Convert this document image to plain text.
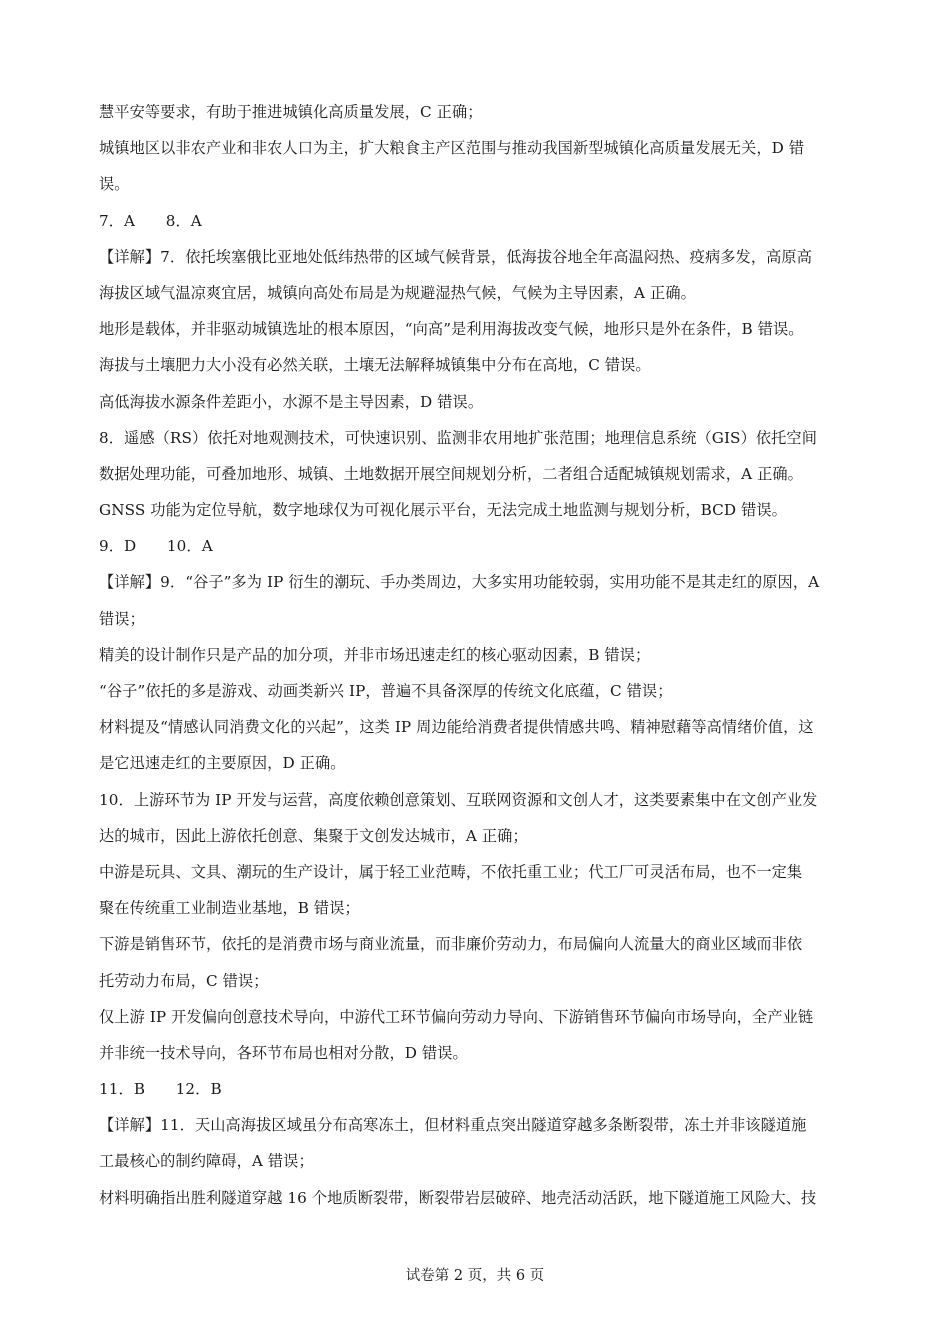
慧平安等要求，有助于推进城镇化高质量发展，C 正确；
城镇地区以非农产业和非农人口为主，扩大粮食主产区范围与推动我国新型城镇化高质量发展无关，D 错
误。
7．A　　8．A
【详解】7．依托埃塞俄比亚地处低纬热带的区域气候背景，低海拔谷地全年高温闷热、疫病多发，高原高
海拔区域气温凉爽宜居，城镇向高处布局是为规避湿热气候，气候为主导因素，A 正确。
地形是载体，并非驱动城镇选址的根本原因，“向高”是利用海拔改变气候，地形只是外在条件，B 错误。
海拔与土壤肥力大小没有必然关联，土壤无法解释城镇集中分布在高地，C 错误。
高低海拔水源条件差距小，水源不是主导因素，D 错误。
8．遥感（RS）依托对地观测技术，可快速识别、监测非农用地扩张范围；地理信息系统（GIS）依托空间
数据处理功能，可叠加地形、城镇、土地数据开展空间规划分析，二者组合适配城镇规划需求，A 正确。
GNSS 功能为定位导航，数字地球仅为可视化展示平台，无法完成土地监测与规划分析，BCD 错误。
9．D　　10．A
【详解】9．“谷子”多为 IP 衍生的潮玩、手办类周边，大多实用功能较弱，实用功能不是其走红的原因，A
错误；
精美的设计制作只是产品的加分项，并非市场迅速走红的核心驱动因素，B 错误；
“谷子”依托的多是游戏、动画类新兴 IP，普遍不具备深厚的传统文化底蕴，C 错误；
材料提及“情感认同消费文化的兴起”，这类 IP 周边能给消费者提供情感共鸣、精神慰藉等高情绪价值，这
是它迅速走红的主要原因，D 正确。
10．上游环节为 IP 开发与运营，高度依赖创意策划、互联网资源和文创人才，这类要素集中在文创产业发
达的城市，因此上游依托创意、集聚于文创发达城市，A 正确；
中游是玩具、文具、潮玩的生产设计，属于轻工业范畴，不依托重工业；代工厂可灵活布局，也不一定集
聚在传统重工业制造业基地，B 错误；
下游是销售环节，依托的是消费市场与商业流量，而非廉价劳动力，布局偏向人流量大的商业区域而非依
托劳动力布局，C 错误；
仅上游 IP 开发偏向创意技术导向，中游代工环节偏向劳动力导向、下游销售环节偏向市场导向，全产业链
并非统一技术导向，各环节布局也相对分散，D 错误。
11．B　　12．B
【详解】11．天山高海拔区域虽分布高寒冻土，但材料重点突出隧道穿越多条断裂带，冻土并非该隧道施
工最核心的制约障碍，A 错误；
材料明确指出胜利隧道穿越 16 个地质断裂带，断裂带岩层破碎、地壳活动活跃，地下隧道施工风险大、技
试卷第 2 页，共 6 页
